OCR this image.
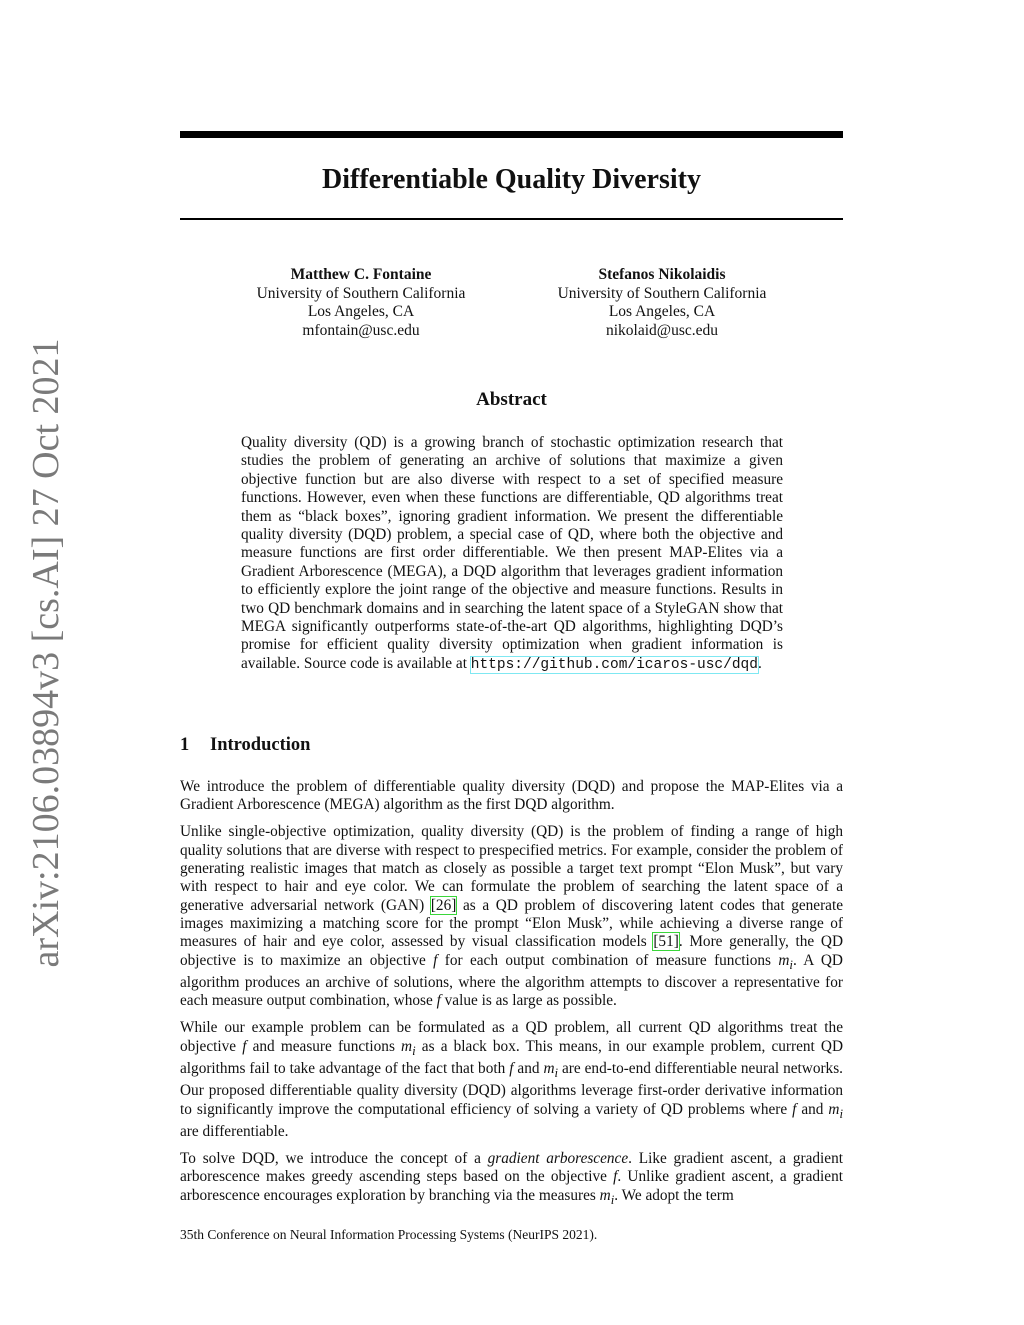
arXiv:2106.03894v3 [cs.AI] 27 Oct 2021
Differentiable Quality Diversity
Matthew C. Fontaine
University of Southern California
Los Angeles, CA
mfontain@usc.edu
Stefanos Nikolaidis
University of Southern California
Los Angeles, CA
nikolaid@usc.edu
Abstract

Quality diversity (QD) is a growing branch of stochastic optimization research that studies the problem of generating an archive of solutions that maximize a given objective function but are also diverse with respect to a set of specified measure functions. However, even when these functions are differentiable, QD algorithms treat them as “black boxes”, ignoring gradient information. We present the differentiable quality diversity (DQD) problem, a special case of QD, where both the objective and measure functions are first order differentiable. We then present MAP-Elites via a Gradient Arborescence (MEGA), a DQD algorithm that leverages gradient information to efficiently explore the joint range of the objective and measure functions. Results in two QD benchmark domains and in searching the latent space of a StyleGAN show that MEGA significantly outperforms state-of-the-art QD algorithms, highlighting DQD’s promise for efficient quality diversity optimization when gradient information is available. Source code is available at https://github.com/icaros-usc/dqd.

1 Introduction

We introduce the problem of differentiable quality diversity (DQD) and propose the MAP-Elites via a Gradient Arborescence (MEGA) algorithm as the first DQD algorithm.

Unlike single-objective optimization, quality diversity (QD) is the problem of finding a range of high quality solutions that are diverse with respect to prespecified metrics. For example, consider the problem of generating realistic images that match as closely as possible a target text prompt “Elon Musk”, but vary with respect to hair and eye color. We can formulate the problem of searching the latent space of a generative adversarial network (GAN) [26] as a QD problem of discovering latent codes that generate images maximizing a matching score for the prompt “Elon Musk”, while achieving a diverse range of measures of hair and eye color, assessed by visual classification models [51]. More generally, the QD objective is to maximize an objective f for each output combination of measure functions $m_i$. A QD algorithm produces an archive of solutions, where the algorithm attempts to discover a representative for each measure output combination, whose f value is as large as possible.

While our example problem can be formulated as a QD problem, all current QD algorithms treat the objective f and measure functions $m_i$ as a black box. This means, in our example problem, current QD algorithms fail to take advantage of the fact that both f and $m_i$ are end-to-end differentiable neural networks. Our proposed differentiable quality diversity (DQD) algorithms leverage first-order derivative information to significantly improve the computational efficiency of solving a variety of QD problems where f and $m_i$ are differentiable.

To solve DQD, we introduce the concept of a gradient arborescence. Like gradient ascent, a gradient arborescence makes greedy ascending steps based on the objective f. Unlike gradient ascent, a gradient arborescence encourages exploration by branching via the measures $m_i$. We adopt the term

35th Conference on Neural Information Processing Systems (NeurIPS 2021).
